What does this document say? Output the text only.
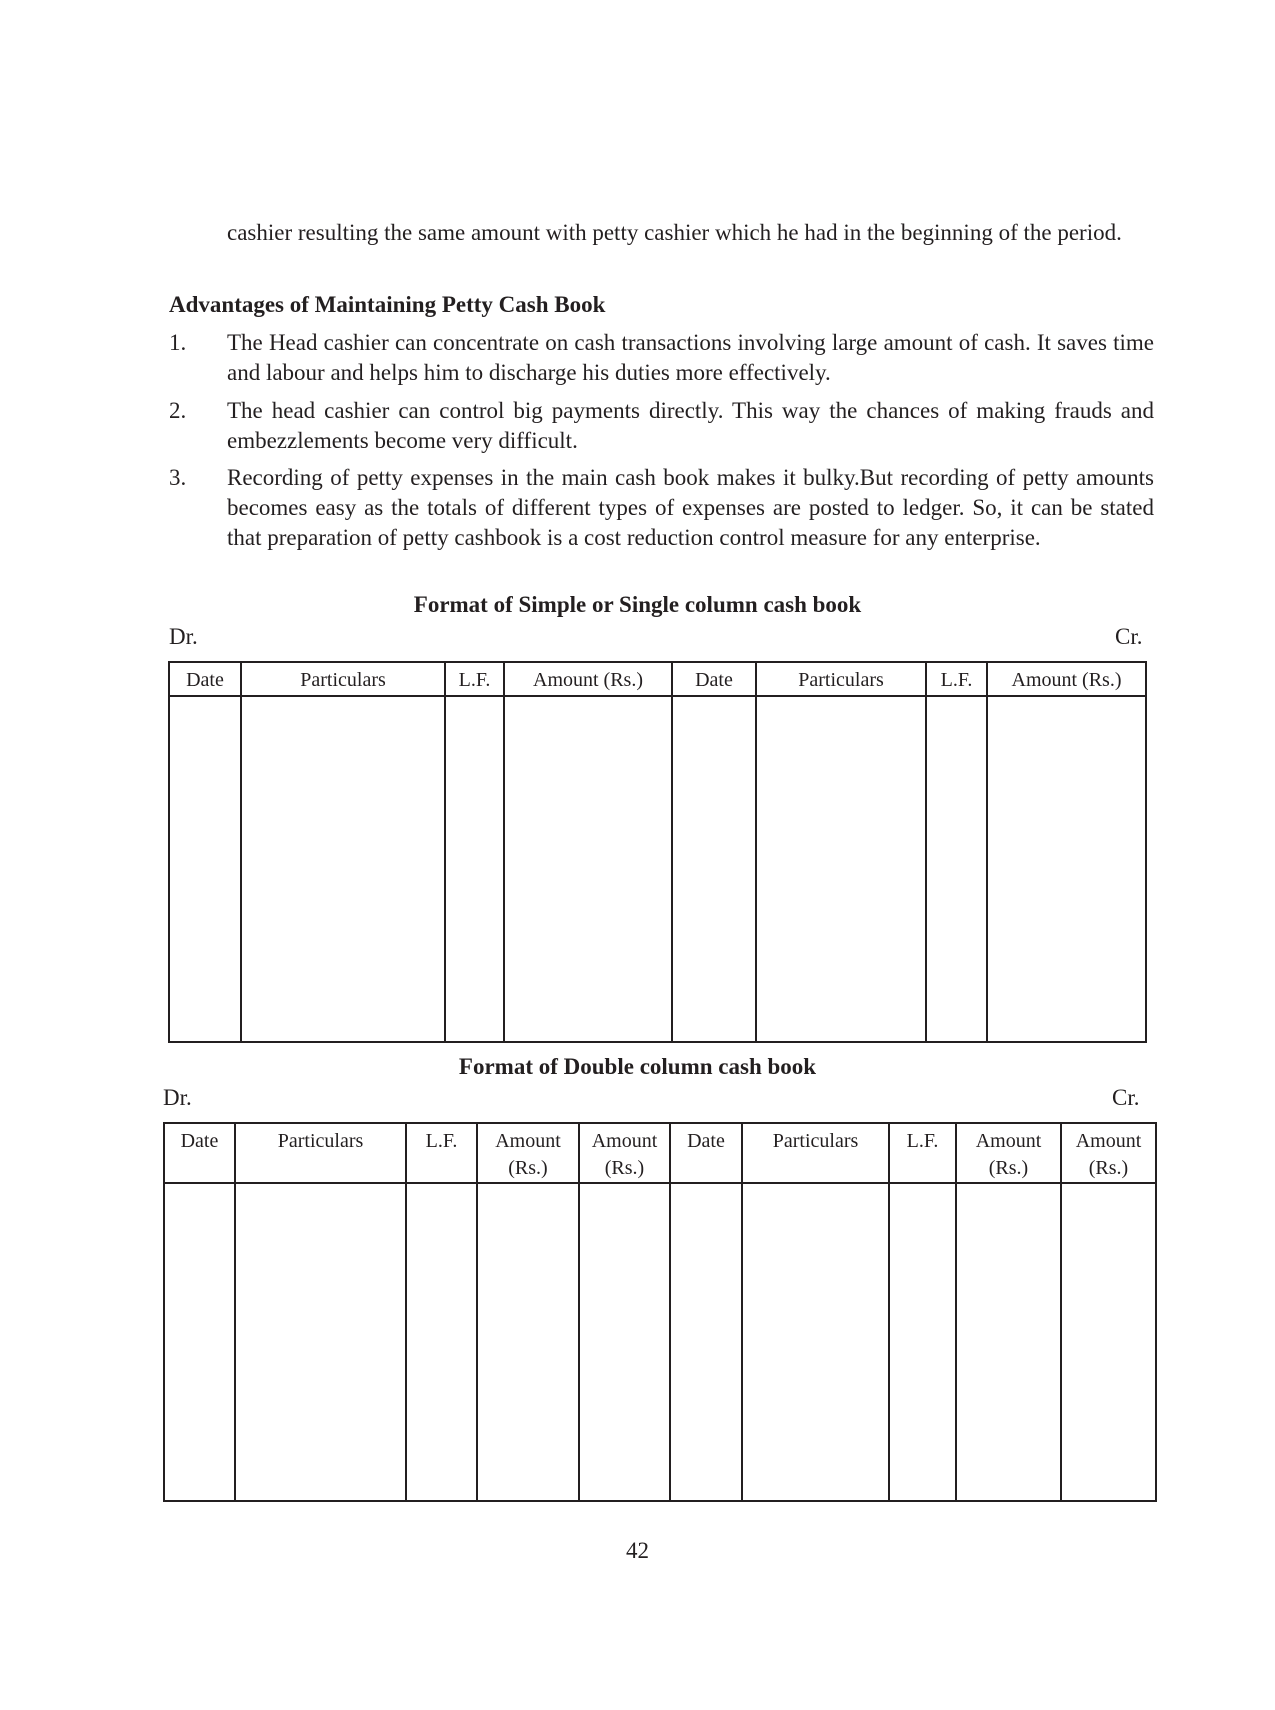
cashier resulting the same amount with petty cashier which he had in the beginning of the period.
Advantages of Maintaining Petty Cash Book
1. The Head cashier can concentrate on cash transactions involving large amount of cash. It saves time and labour and helps him to discharge his duties more effectively.
2. The head cashier can control big payments directly. This way the chances of making frauds and embezzlements become very difficult.
3. Recording of petty expenses in the main cash book makes it bulky.But recording of petty amounts becomes easy as the totals of different types of expenses are posted to ledger. So, it can be stated that preparation of petty cashbook is a cost reduction control measure for any enterprise.
Format of Simple or Single column cash book
Dr.	Cr.
Date	Particulars	L.F.	Amount (Rs.)	Date	Particulars	L.F.	Amount (Rs.)

Format of Double column cash book
Dr.	Cr.
Date	Particulars	L.F.	Amount (Rs.)	Amount (Rs.)	Date	Particulars	L.F.	Amount (Rs.)	Amount (Rs.)

42
